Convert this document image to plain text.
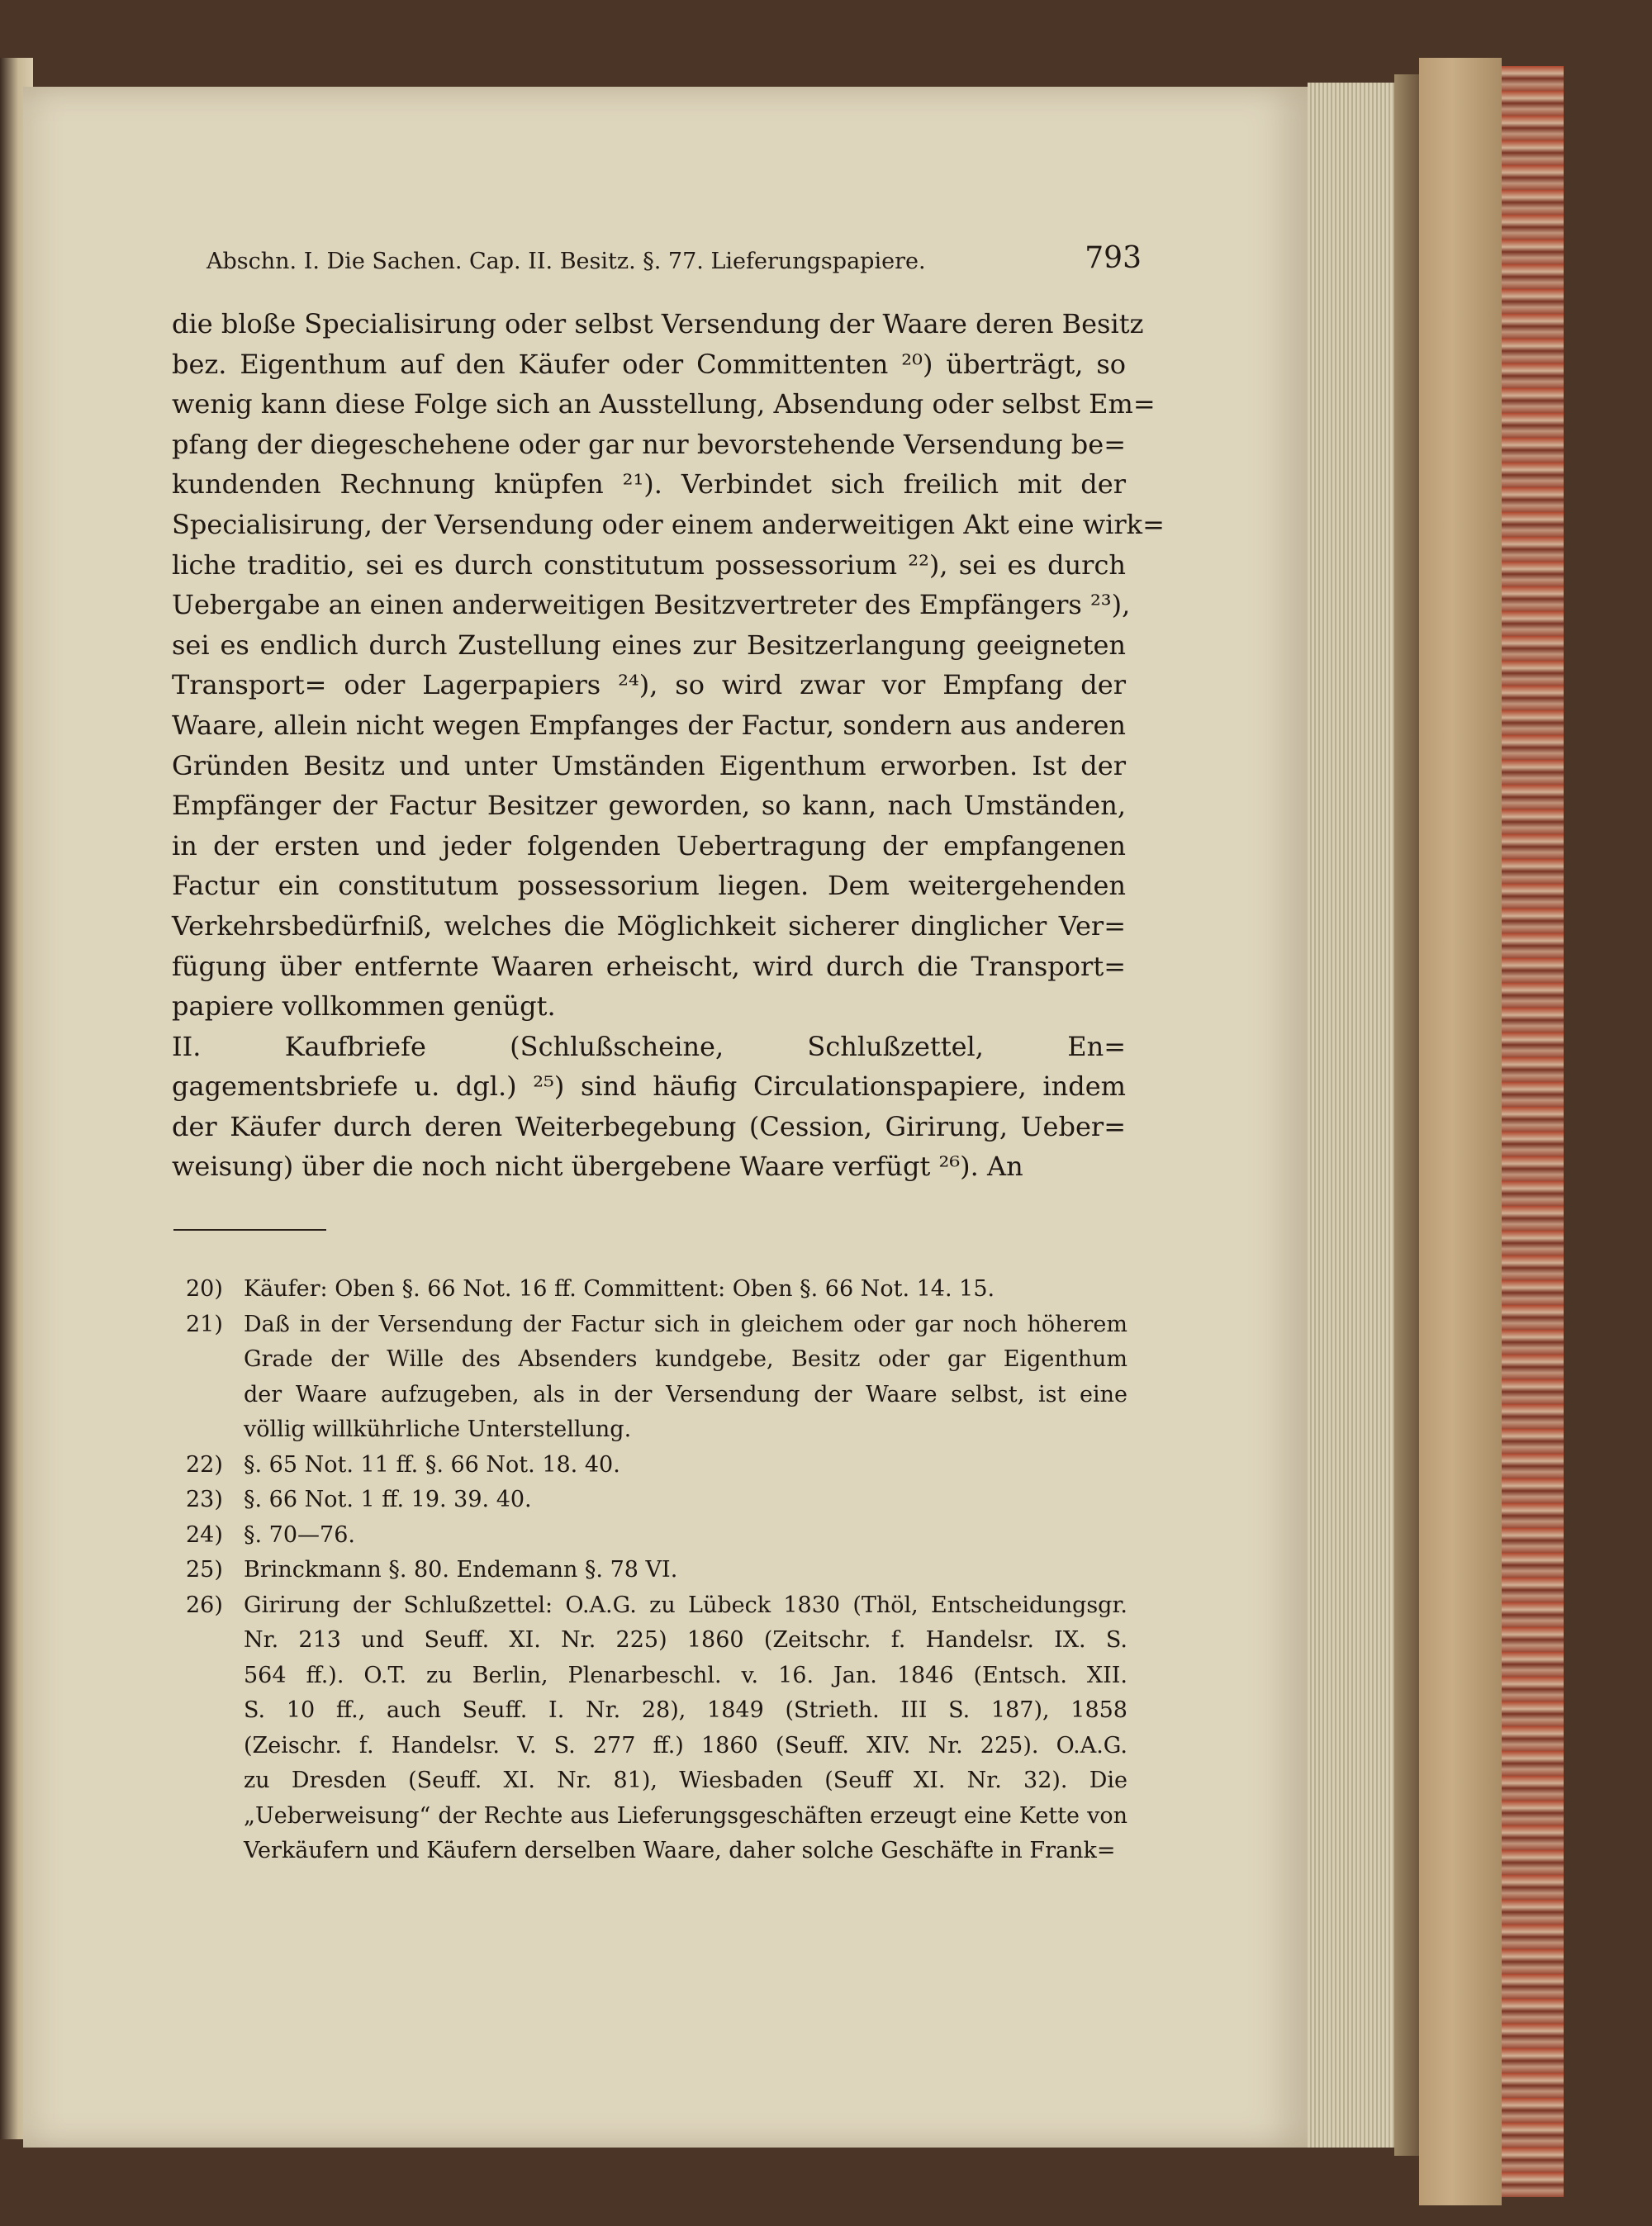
Abschn. I. Die Sachen. Cap. II. Besitz. §. 77. Lieferungspapiere.	793
die bloße Specialisirung oder selbst Versendung der Waare deren Besitz
bez. Eigenthum auf den Käufer oder Committenten ²⁰) überträgt, so
wenig kann diese Folge sich an Ausstellung, Absendung oder selbst Em=
pfang der diegeschehene oder gar nur bevorstehende Versendung be=
kundenden Rechnung knüpfen ²¹). Verbindet sich freilich mit der
Specialisirung, der Versendung oder einem anderweitigen Akt eine wirk=
liche traditio, sei es durch constitutum possessorium ²²), sei es durch
Uebergabe an einen anderweitigen Besitzvertreter des Empfängers ²³),
sei es endlich durch Zustellung eines zur Besitzerlangung geeigneten
Transport= oder Lagerpapiers ²⁴), so wird zwar vor Empfang der
Waare, allein nicht wegen Empfanges der Factur, sondern aus anderen
Gründen Besitz und unter Umständen Eigenthum erworben. Ist der
Empfänger der Factur Besitzer geworden, so kann, nach Umständen,
in der ersten und jeder folgenden Uebertragung der empfangenen
Factur ein constitutum possessorium liegen. Dem weitergehenden
Verkehrsbedürfniß, welches die Möglichkeit sicherer dinglicher Ver=
fügung über entfernte Waaren erheischt, wird durch die Transport=
papiere vollkommen genügt.
II. Kaufbriefe (Schlußscheine, Schlußzettel, En=
gagementsbriefe u. dgl.) ²⁵) sind häufig Circulationspapiere, indem
der Käufer durch deren Weiterbegebung (Cession, Girirung, Ueber=
weisung) über die noch nicht übergebene Waare verfügt ²⁶). An
20) Käufer: Oben §. 66 Not. 16 ff. Committent: Oben §. 66 Not. 14. 15.
21) Daß in der Versendung der Factur sich in gleichem oder gar noch höherem
Grade der Wille des Absenders kundgebe, Besitz oder gar Eigenthum
der Waare aufzugeben, als in der Versendung der Waare selbst, ist eine
völlig willkührliche Unterstellung.
22) §. 65 Not. 11 ff. §. 66 Not. 18. 40.
23) §. 66 Not. 1 ff. 19. 39. 40.
24) §. 70—76.
25) Brinckmann §. 80. Endemann §. 78 VI.
26) Girirung der Schlußzettel: O.A.G. zu Lübeck 1830 (Thöl, Entscheidungsgr.
Nr. 213 und Seuff. XI. Nr. 225) 1860 (Zeitschr. f. Handelsr. IX. S.
564 ff.). O.T. zu Berlin, Plenarbeschl. v. 16. Jan. 1846 (Entsch. XII.
S. 10 ff., auch Seuff. I. Nr. 28), 1849 (Strieth. III S. 187), 1858
(Zeischr. f. Handelsr. V. S. 277 ff.) 1860 (Seuff. XIV. Nr. 225). O.A.G.
zu Dresden (Seuff. XI. Nr. 81), Wiesbaden (Seuff XI. Nr. 32). Die
„Ueberweisung“ der Rechte aus Lieferungsgeschäften erzeugt eine Kette von
Verkäufern und Käufern derselben Waare, daher solche Geschäfte in Frank=
